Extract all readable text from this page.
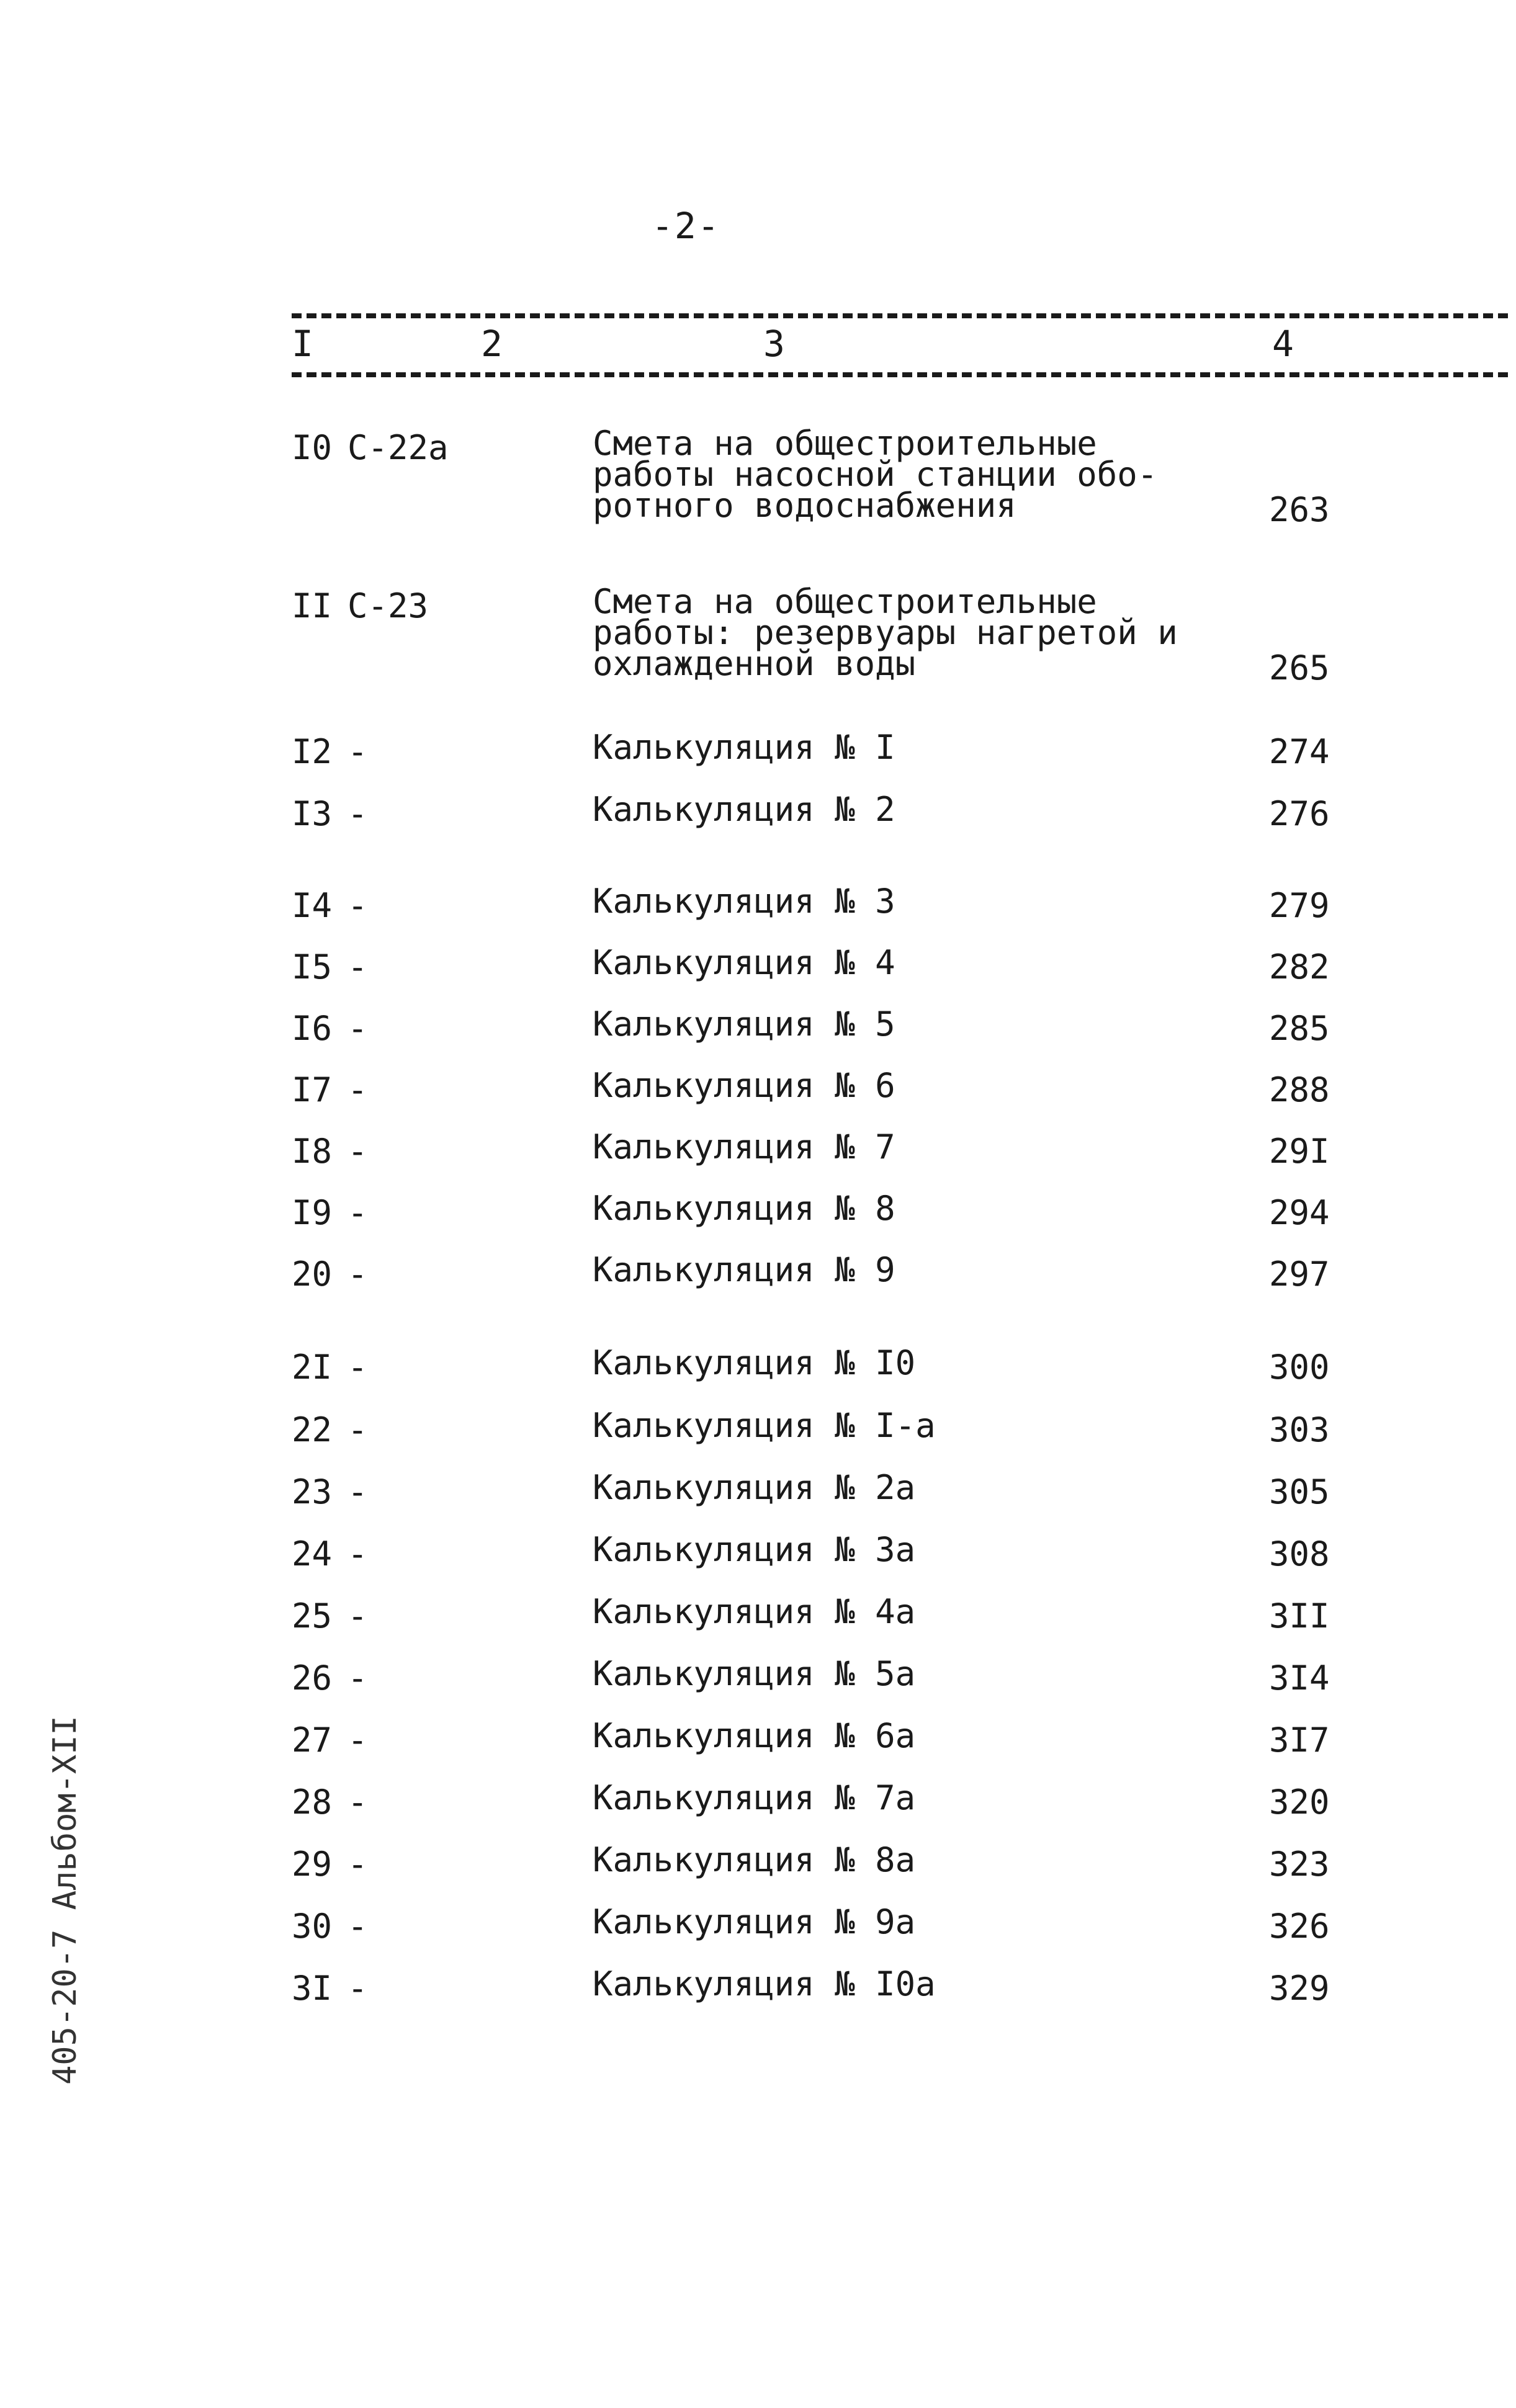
-2-
I	2	3	4
I0 С-22а	Смета на общестроительные
работы насосной станции обо-
ротного водоснабжения	263
II С-23	Смета на общестроительные
работы: резервуары нагретой и
охлажденной воды	265
I2 -	Калькуляция № I	274
I3 -	Калькуляция № 2	276
I4 -	Калькуляция № 3	279
I5 -	Калькуляция № 4	282
I6 -	Калькуляция № 5	285
I7 -	Калькуляция № 6	288
I8 -	Калькуляция № 7	29I
I9 -	Калькуляция № 8	294
20 -	Калькуляция № 9	297
2I -	Калькуляция № I0	300
22 -	Калькуляция № I-а	303
23 -	Калькуляция № 2а	305
24 -	Калькуляция № 3а	308
25 -	Калькуляция № 4а	3II
26 -	Калькуляция № 5а	3I4
27 -	Калькуляция № 6а	3I7
28 -	Калькуляция № 7а	320
29 -	Калькуляция № 8а	323
30 -	Калькуляция № 9а	326
3I -	Калькуляция № I0а	329
405-20-7 Альбом-XII
